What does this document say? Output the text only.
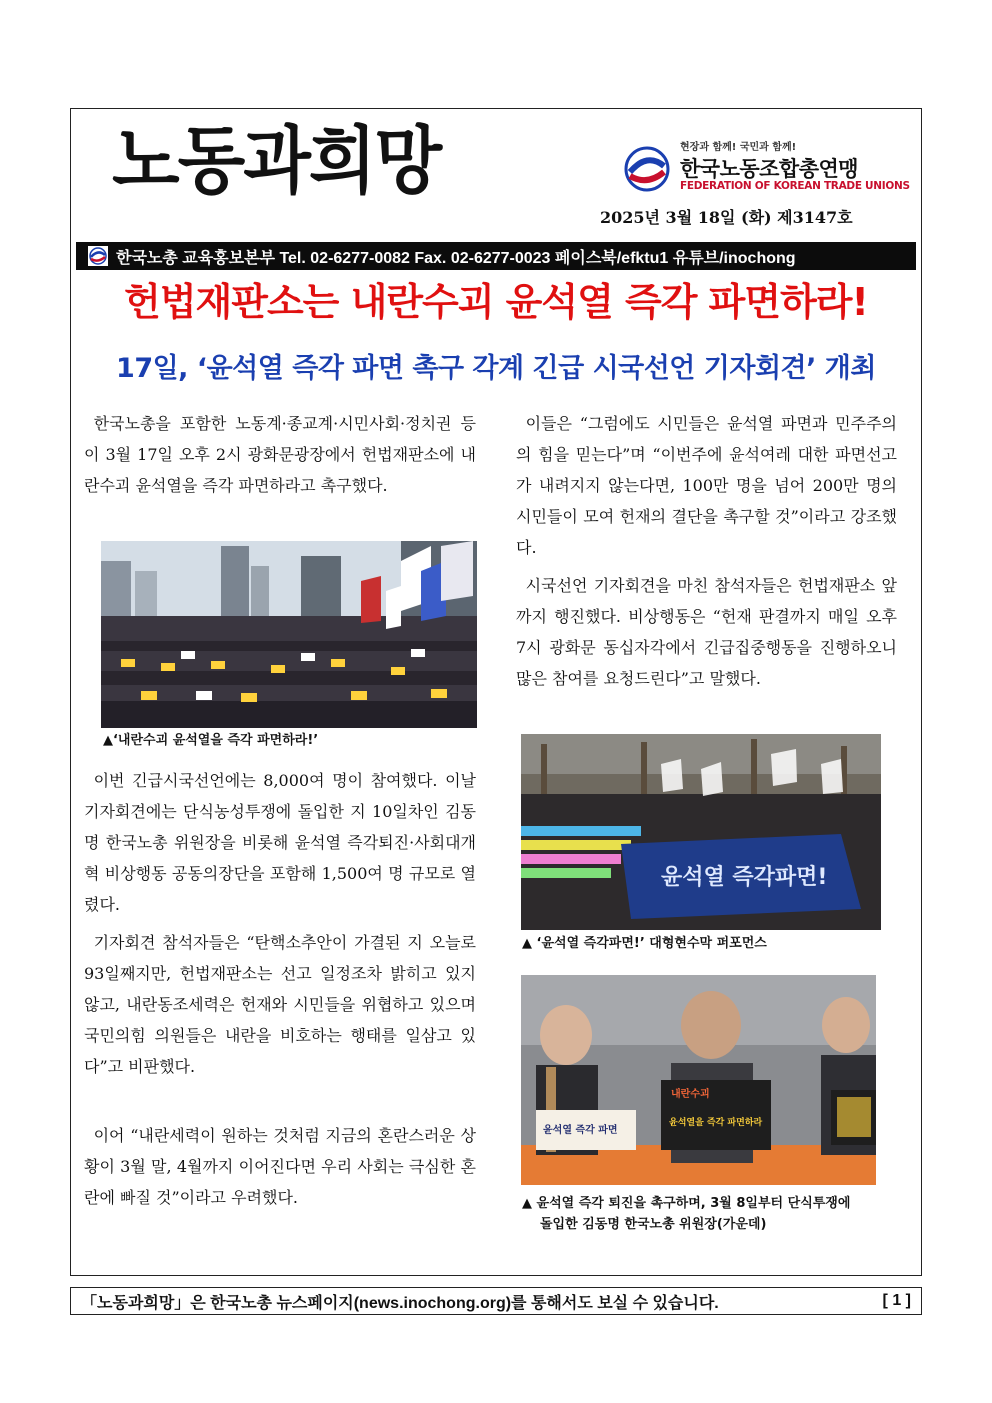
노동과희망	현장과 함께! 국민과 함께!
한국노동조합총연맹
FEDERATION OF KOREAN TRADE UNIONS
2025년 3월 18일 (화) 제3147호
한국노총 교육홍보본부 Tel. 02-6277-0082 Fax. 02-6277-0023 페이스북/efktu1 유튜브/inochong
헌법재판소는 내란수괴 윤석열 즉각 파면하라!
17일, ‘윤석열 즉각 파면 촉구 각계 긴급 시국선언 기자회견’ 개최

한국노총을 포함한 노동계·종교계·시민사회·정치권 등이 3월 17일 오후 2시 광화문광장에서 헌법재판소에 내란수괴 윤석열을 즉각 파면하라고 촉구했다.

▲‘내란수괴 윤석열을 즉각 파면하라!’

이번 긴급시국선언에는 8,000여 명이 참여했다. 이날 기자회견에는 단식농성투쟁에 돌입한 지 10일차인 김동명 한국노총 위원장을 비롯해 윤석열 즉각퇴진·사회대개혁 비상행동 공동의장단을 포함해 1,500여 명 규모로 열렸다.

기자회견 참석자들은 “탄핵소추안이 가결된 지 오늘로 93일째지만, 헌법재판소는 선고 일정조차 밝히고 있지 않고, 내란동조세력은 헌재와 시민들을 위협하고 있으며 국민의힘 의원들은 내란을 비호하는 행태를 일삼고 있다”고 비판했다.

이어 “내란세력이 원하는 것처럼 지금의 혼란스러운 상황이 3월 말, 4월까지 이어진다면 우리 사회는 극심한 혼란에 빠질 것”이라고 우려했다.

이들은 “그럼에도 시민들은 윤석열 파면과 민주주의의 힘을 믿는다”며 “이번주에 윤석여레 대한 파면선고가 내려지지 않는다면, 100만 명을 넘어 200만 명의 시민들이 모여 헌재의 결단을 촉구할 것”이라고 강조했다.

시국선언 기자회견을 마친 참석자들은 헌법재판소 앞까지 행진했다. 비상행동은 “헌재 판결까지 매일 오후 7시 광화문 동십자각에서 긴급집중행동을 진행하오니 많은 참여를 요청드린다”고 말했다.

윤석열 즉각파면!
▲ ‘윤석열 즉각파면!’ 대형현수막 퍼포먼스
윤석열 즉각 파면
내란수괴
윤석열을 즉각 파면하라
▲ 윤석열 즉각 퇴진을 촉구하며, 3월 8일부터 단식투쟁에
돌입한 김동명 한국노총 위원장(가운데)
「노동과희망」은 한국노총 뉴스페이지(news.inochong.org)를 통해서도 보실 수 있습니다.	[ 1 ]
